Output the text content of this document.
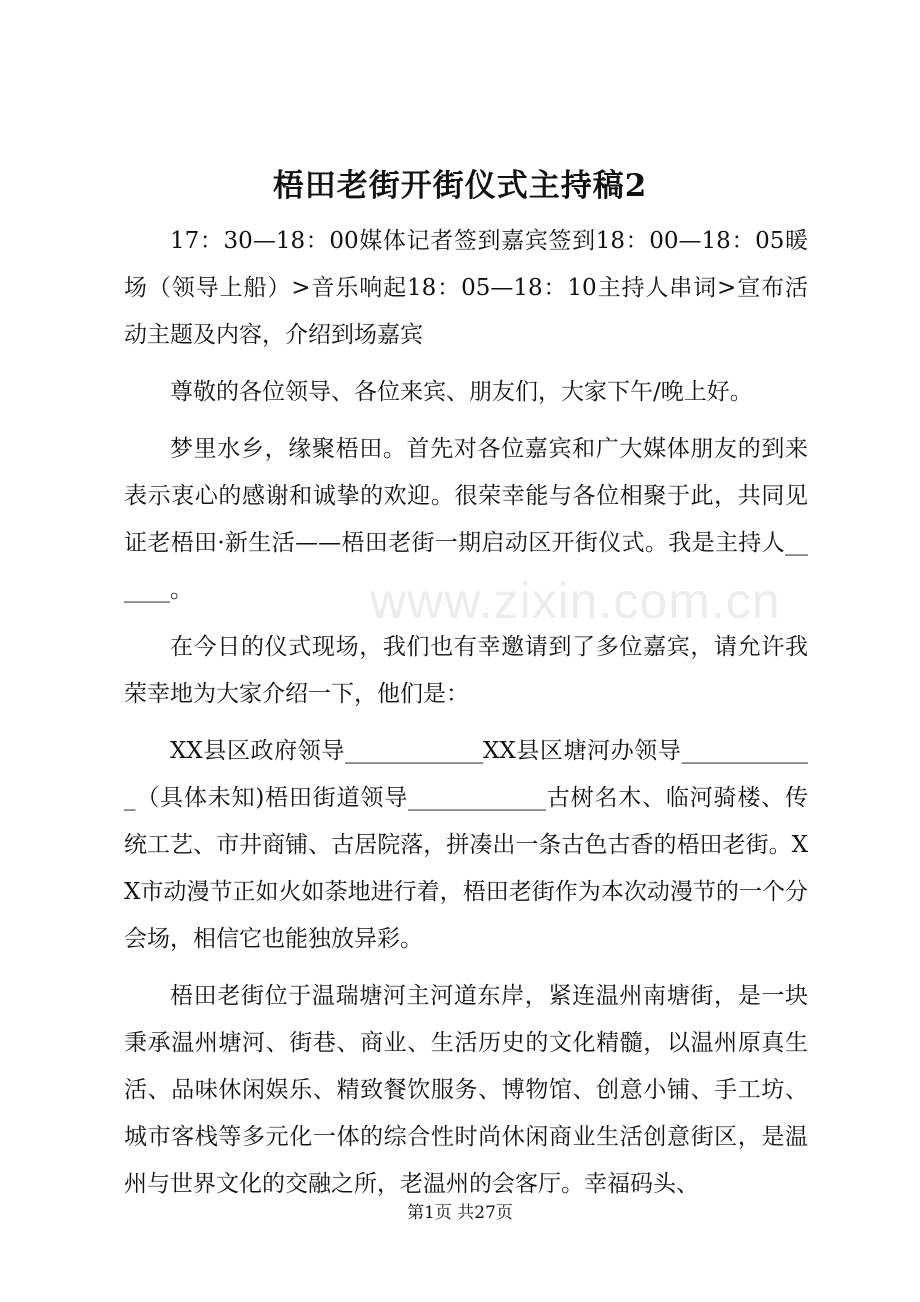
梧田老街开街仪式主持稿2

17：30—18：00媒体记者签到嘉宾签到18：00—18：05暖场（领导上船）>音乐响起18：05—18：10主持人串词>宣布活动主题及内容，介绍到场嘉宾

尊敬的各位领导、各位来宾、朋友们，大家下午/晚上好。

梦里水乡，缘聚梧田。首先对各位嘉宾和广大媒体朋友的到来表示衷心的感谢和诚挚的欢迎。很荣幸能与各位相聚于此，共同见证老梧田·新生活——梧田老街一期启动区开街仪式。我是主持人______。

在今日的仪式现场，我们也有幸邀请到了多位嘉宾，请允许我荣幸地为大家介绍一下，他们是：

XX县区政府领导____________XX县区塘河办领导____________（具体未知)梧田街道领导____________古树名木、临河骑楼、传统工艺、市井商铺、古居院落，拼凑出一条古色古香的梧田老街。XX市动漫节正如火如荼地进行着，梧田老街作为本次动漫节的一个分会场，相信它也能独放异彩。

梧田老街位于温瑞塘河主河道东岸，紧连温州南塘街，是一块秉承温州塘河、街巷、商业、生活历史的文化精髓，以温州原真生活、品味休闲娱乐、精致餐饮服务、博物馆、创意小铺、手工坊、城市客栈等多元化一体的综合性时尚休闲商业生活创意街区，是温州与世界文化的交融之所，老温州的会客厅。幸福码头、

www.zixin.com.cn
第1页 共27页
